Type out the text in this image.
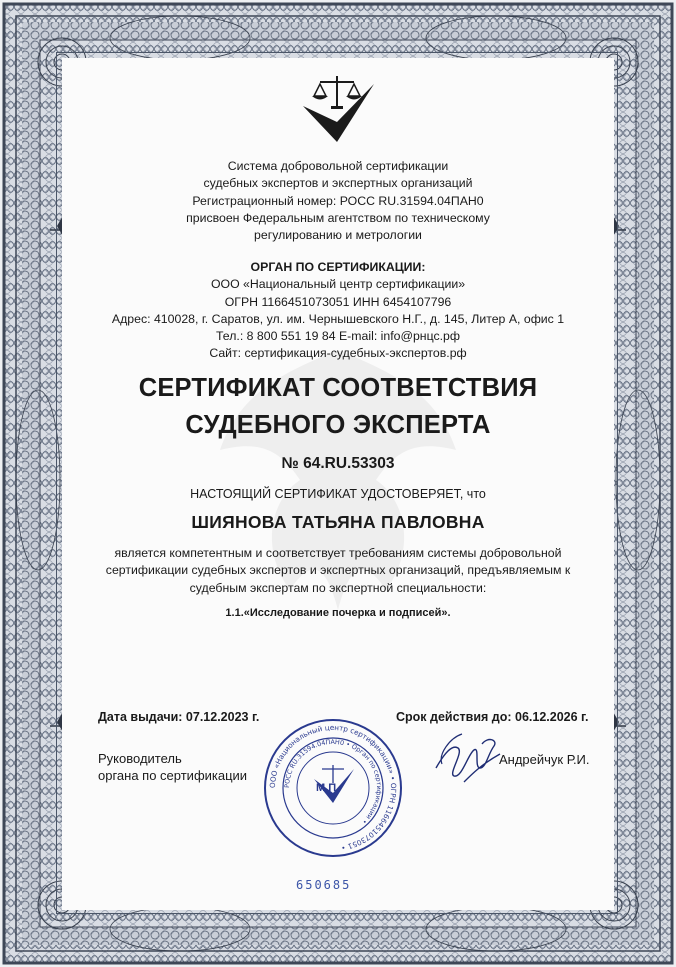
Система добровольной сертификации
судебных экспертов и экспертных организаций
Регистрационный номер: РОСС RU.31594.04ПАН0
присвоен Федеральным агентством по техническому
регулированию и метрологии
ОРГАН ПО СЕРТИФИКАЦИИ:
ООО «Национальный центр сертификации»
ОГРН 1166451073051 ИНН 6454107796
Адрес: 410028, г. Саратов, ул. им. Чернышевского Н.Г., д. 145, Литер А, офис 1
Тел.: 8 800 551 19 84 E-mail: info@рнцс.рф
Сайт: сертификация-судебных-экспертов.рф
СЕРТИФИКАТ СООТВЕТСТВИЯ
СУДЕБНОГО ЭКСПЕРТА
№ 64.RU.53303
НАСТОЯЩИЙ СЕРТИФИКАТ УДОСТОВЕРЯЕТ, что
ШИЯНОВА ТАТЬЯНА ПАВЛОВНА
является компетентным и соответствует требованиям системы добровольной
сертификации судебных экспертов и экспертных организаций, предъявляемым к
судебным экспертам по экспертной специальности:
1.1.«Исследование почерка и подписей».
Дата выдачи: 07.12.2023 г.	Срок действия до: 06.12.2026 г.
Руководитель
органа по сертификации
Андрейчук Р.И.
ООО «Национальный центр сертификации» • ОГРН 1166451073051 •
РОСС RU.31594.04ПАН0 • Орган по сертификации •
М.П.
650685
